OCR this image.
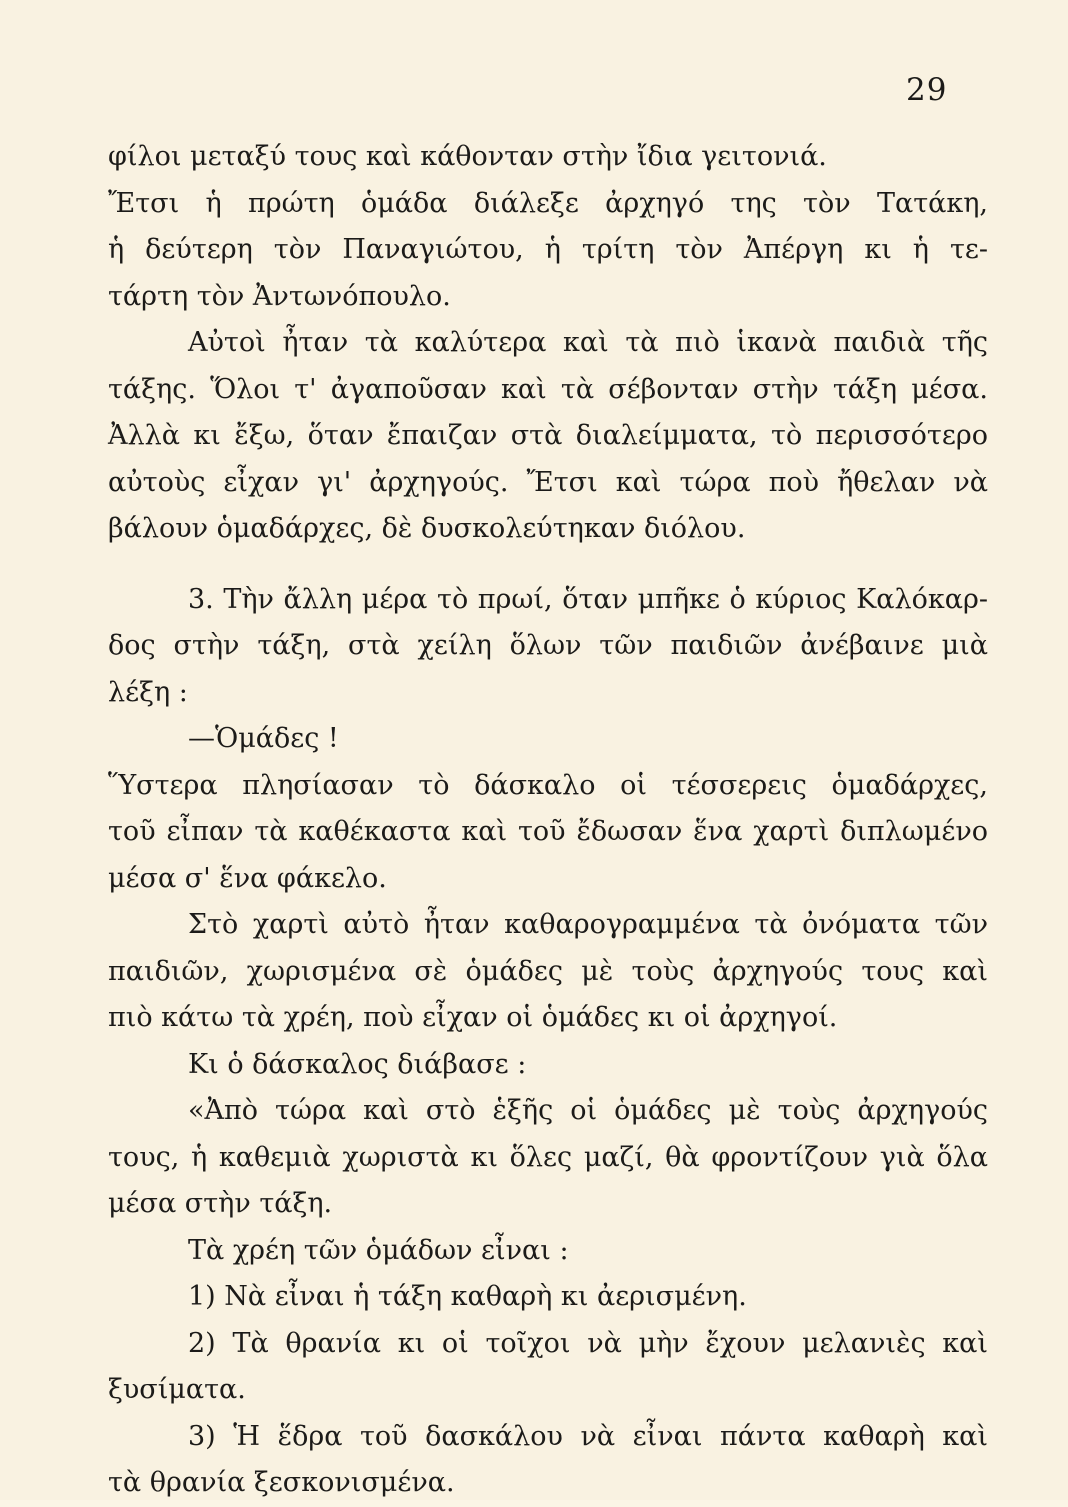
29
φίλοι μεταξύ τους καὶ κάθονταν στὴν ἴδια γειτονιά.
Ἔτσι ἡ πρώτη ὁμάδα διάλεξε ἀρχηγό της τὸν Τατάκη,
ἡ δεύτερη τὸν Παναγιώτου, ἡ τρίτη τὸν Ἀπέργη κι ἡ τε-
τάρτη τὸν Ἀντωνόπουλο.
Αὐτοὶ ἦταν τὰ καλύτερα καὶ τὰ πιὸ ἱκανὰ παιδιὰ τῆς
τάξης. Ὅλοι τ' ἀγαποῦσαν καὶ τὰ σέβονταν στὴν τάξη μέσα.
Ἀλλὰ κι ἔξω, ὅταν ἔπαιζαν στὰ διαλείμματα, τὸ περισσότερο
αὐτοὺς εἶχαν γι' ἀρχηγούς. Ἔτσι καὶ τώρα ποὺ ἤθελαν νὰ
βάλουν ὁμαδάρχες, δὲ δυσκολεύτηκαν διόλου.
3. Τὴν ἄλλη μέρα τὸ πρωί, ὅταν μπῆκε ὁ κύριος Καλόκαρ-
δος στὴν τάξη, στὰ χείλη ὅλων τῶν παιδιῶν ἀνέβαινε μιὰ
λέξη :
—Ὁμάδες !
Ὕστερα πλησίασαν τὸ δάσκαλο οἱ τέσσερεις ὁμαδάρχες,
τοῦ εἶπαν τὰ καθέκαστα καὶ τοῦ ἔδωσαν ἕνα χαρτὶ διπλωμένο
μέσα σ' ἕνα φάκελο.
Στὸ χαρτὶ αὐτὸ ἦταν καθαρογραμμένα τὰ ὀνόματα τῶν
παιδιῶν, χωρισμένα σὲ ὁμάδες μὲ τοὺς ἀρχηγούς τους καὶ
πιὸ κάτω τὰ χρέη, ποὺ εἶχαν οἱ ὁμάδες κι οἱ ἀρχηγοί.
Κι ὁ δάσκαλος διάβασε :
«Ἀπὸ τώρα καὶ στὸ ἑξῆς οἱ ὁμάδες μὲ τοὺς ἀρχηγούς
τους, ἡ καθεμιὰ χωριστὰ κι ὅλες μαζί, θὰ φροντίζουν γιὰ ὅλα
μέσα στὴν τάξη.
Τὰ χρέη τῶν ὁμάδων εἶναι :
1) Νὰ εἶναι ἡ τάξη καθαρὴ κι ἀερισμένη.
2) Τὰ θρανία κι οἱ τοῖχοι νὰ μὴν ἔχουν μελανιὲς καὶ
ξυσίματα.
3) Ἡ ἕδρα τοῦ δασκάλου νὰ εἶναι πάντα καθαρὴ καὶ
τὰ θρανία ξεσκονισμένα.
